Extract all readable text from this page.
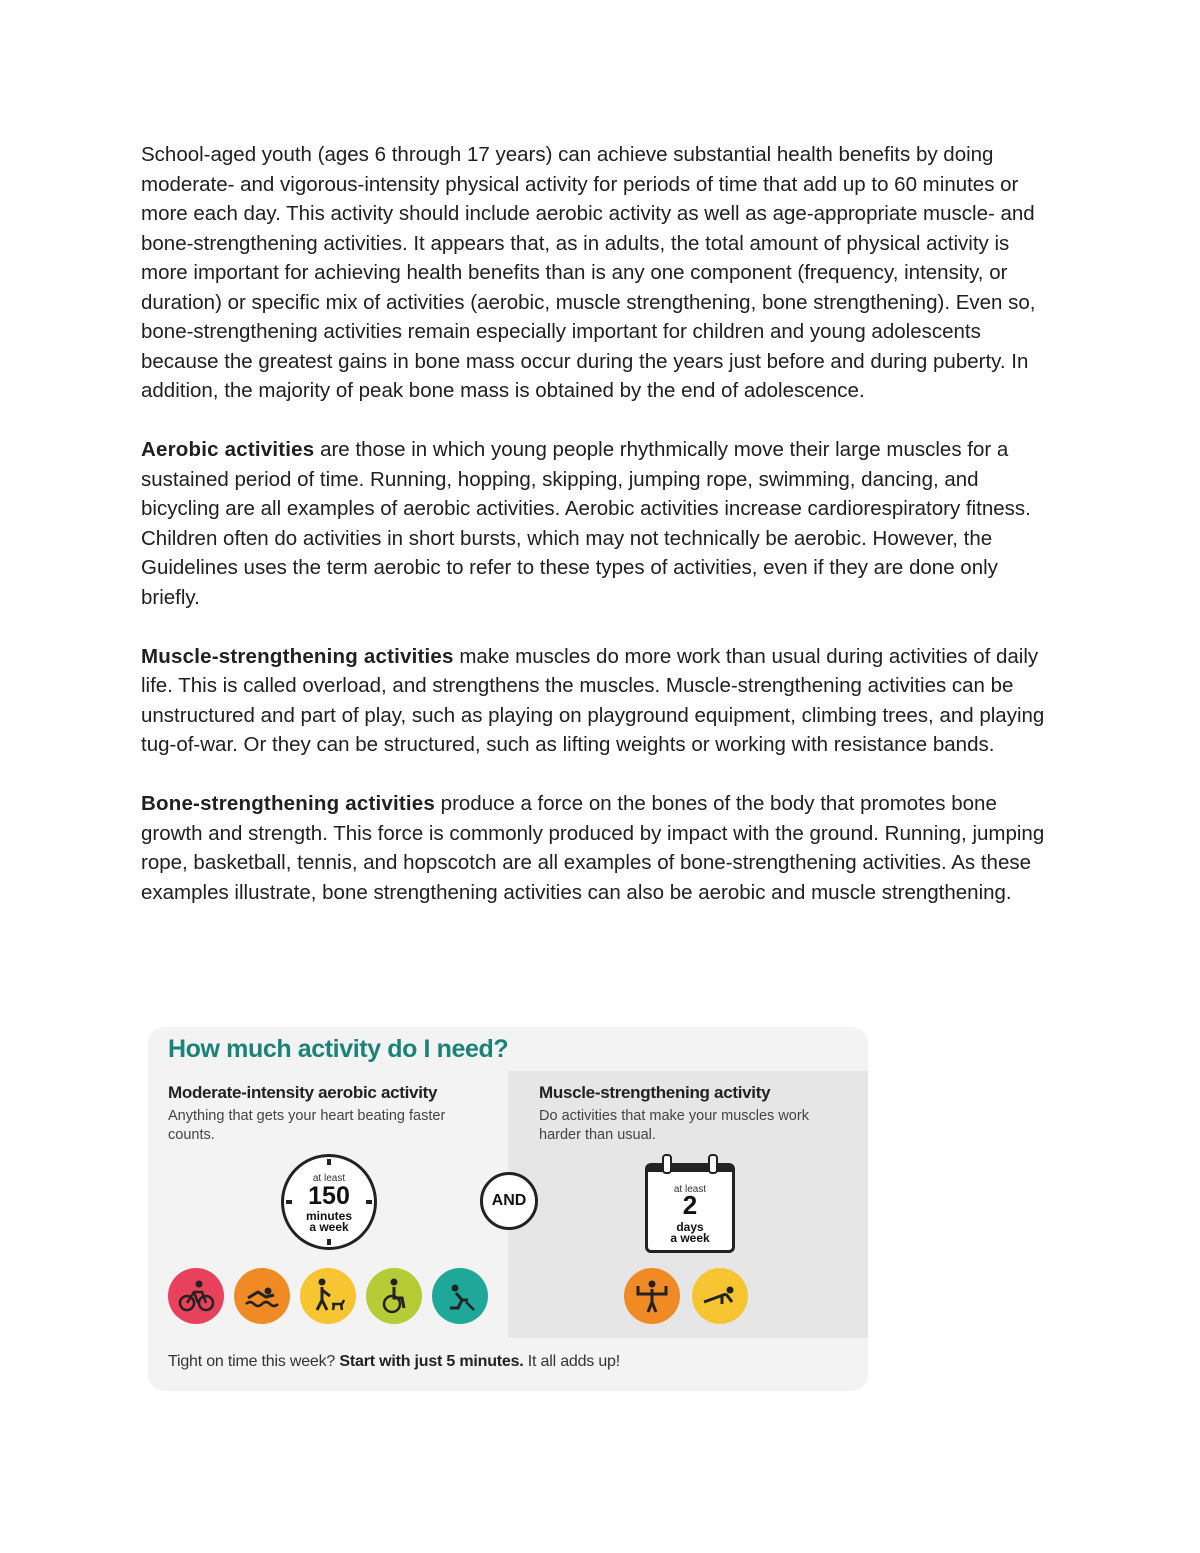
School-aged youth (ages 6 through 17 years) can achieve substantial health benefits by doing moderate- and vigorous-intensity physical activity for periods of time that add up to 60 minutes or more each day. This activity should include aerobic activity as well as age-appropriate muscle- and bone-strengthening activities. It appears that, as in adults, the total amount of physical activity is more important for achieving health benefits than is any one component (frequency, intensity, or duration) or specific mix of activities (aerobic, muscle strengthening, bone strengthening). Even so, bone-strengthening activities remain especially important for children and young adolescents because the greatest gains in bone mass occur during the years just before and during puberty. In addition, the majority of peak bone mass is obtained by the end of adolescence.

Aerobic activities are those in which young people rhythmically move their large muscles for a sustained period of time. Running, hopping, skipping, jumping rope, swimming, dancing, and bicycling are all examples of aerobic activities. Aerobic activities increase cardiorespiratory fitness. Children often do activities in short bursts, which may not technically be aerobic. However, the Guidelines uses the term aerobic to refer to these types of activities, even if they are done only briefly.

Muscle-strengthening activities make muscles do more work than usual during activities of daily life. This is called overload, and strengthens the muscles. Muscle-strengthening activities can be unstructured and part of play, such as playing on playground equipment, climbing trees, and playing tug-of-war. Or they can be structured, such as lifting weights or working with resistance bands.

Bone-strengthening activities produce a force on the bones of the body that promotes bone growth and strength. This force is commonly produced by impact with the ground. Running, jumping rope, basketball, tennis, and hopscotch are all examples of bone-strengthening activities. As these examples illustrate, bone strengthening activities can also be aerobic and muscle strengthening.

How much activity do I need?
Moderate-intensity aerobic activity
Anything that gets your heart beating faster counts.
at least
150
minutes
a week
Muscle-strengthening activity
Do activities that make your muscles work harder than usual.
at least
2
days
a week
AND
Tight on time this week? Start with just 5 minutes. It all adds up!
